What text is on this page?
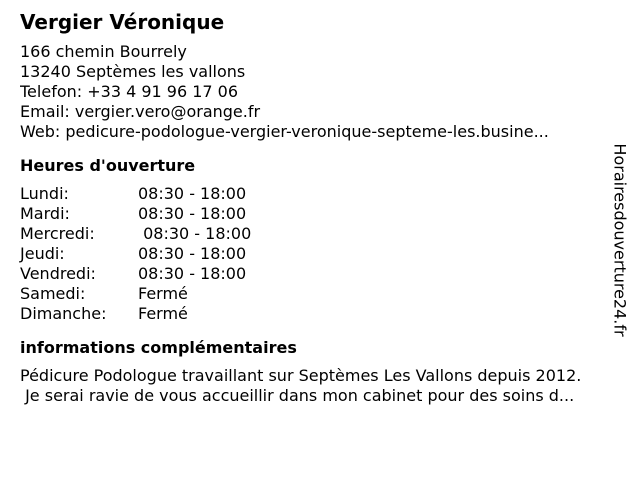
Vergier Véronique
166 chemin Bourrely
13240 Septèmes les vallons
Telefon: +33 4 91 96 17 06
Email: vergier.vero@orange.fr
Web: pedicure-podologue-vergier-veronique-septeme-les.busine...
Heures d'ouverture
Lundi:	08:30 - 18:00
Mardi:	08:30 - 18:00
Mercredi:	08:30 - 18:00
Jeudi:	08:30 - 18:00
Vendredi:	08:30 - 18:00
Samedi:	Fermé
Dimanche:	Fermé
informations complémentaires
Pédicure Podologue travaillant sur Septèmes Les Vallons depuis 2012.
Je serai ravie de vous accueillir dans mon cabinet pour des soins d...
Horairesdouverture24.fr
